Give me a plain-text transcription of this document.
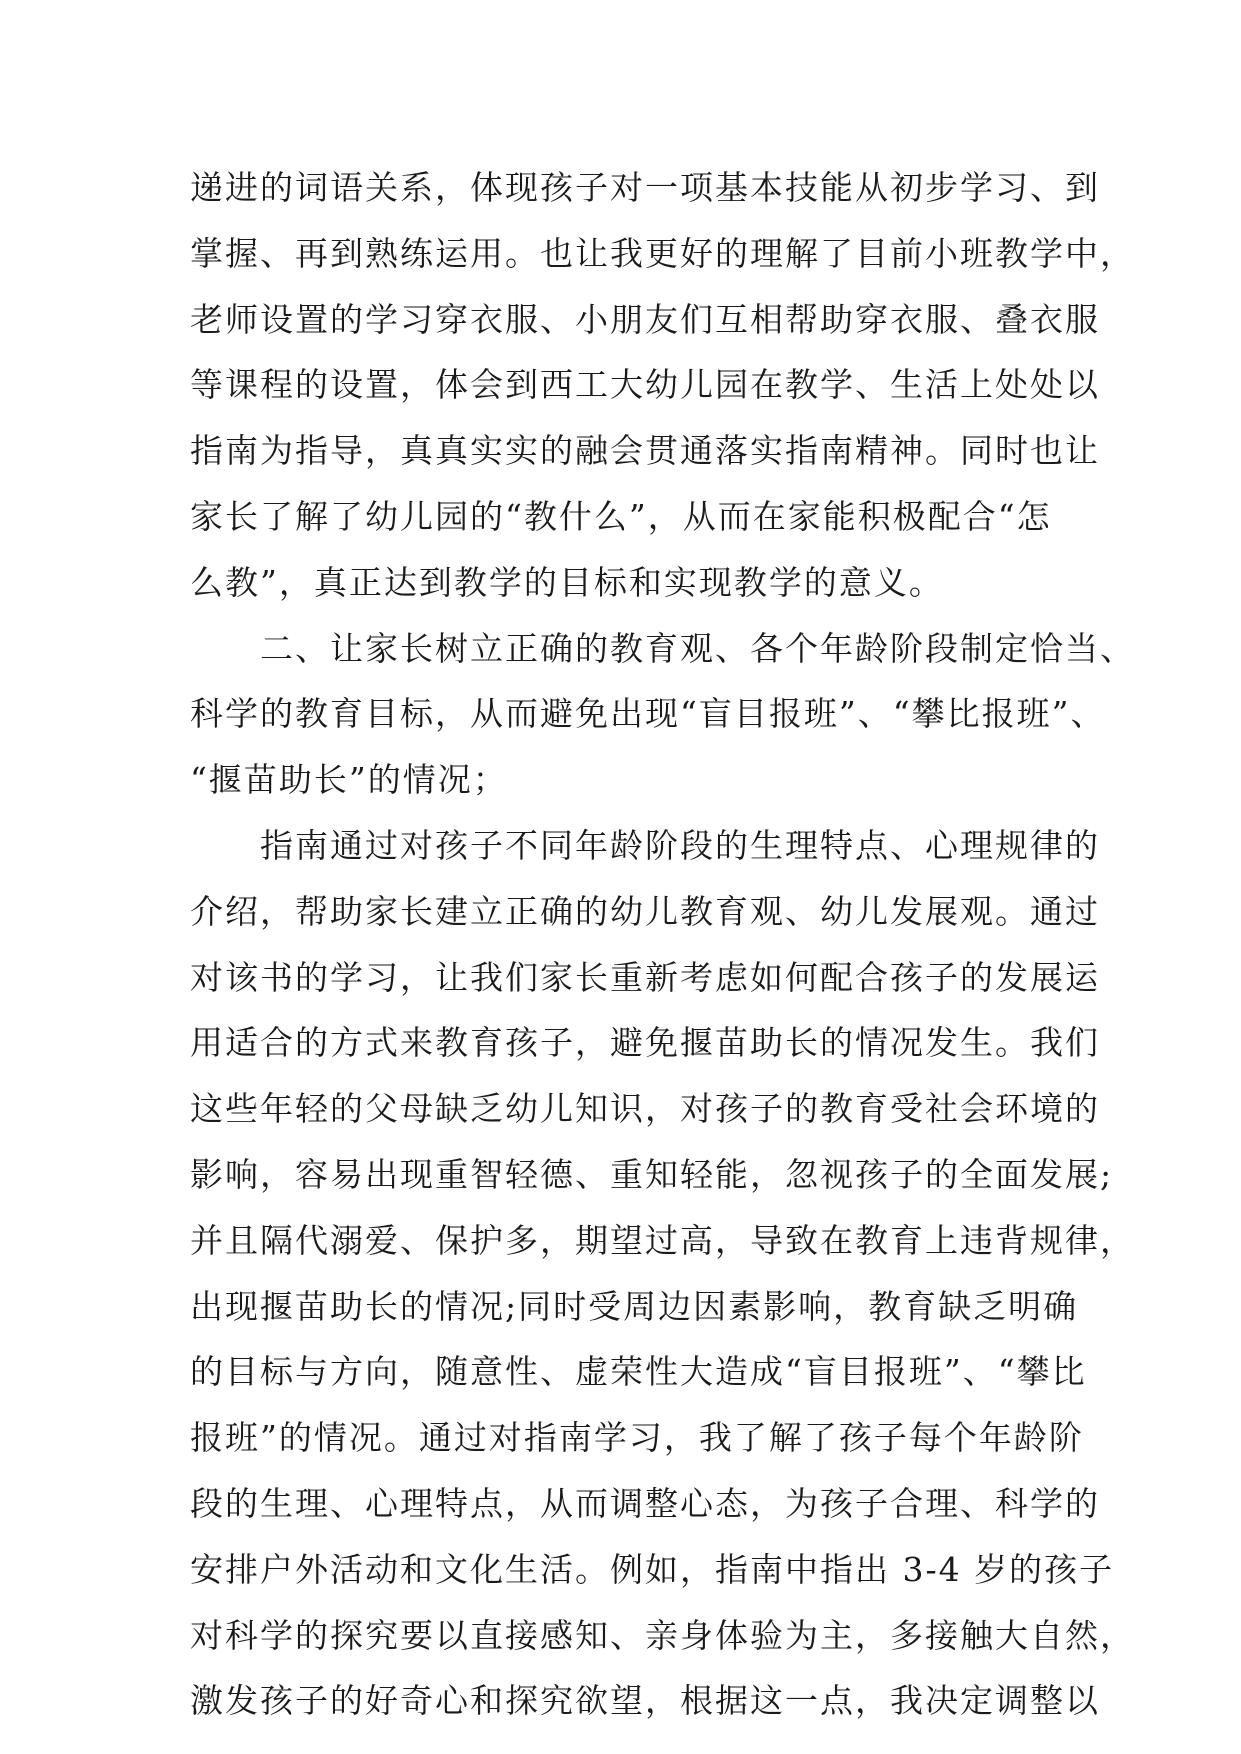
递进的词语关系，体现孩子对一项基本技能从初步学习、到
掌握、再到熟练运用。也让我更好的理解了目前小班教学中，
老师设置的学习穿衣服、小朋友们互相帮助穿衣服、叠衣服
等课程的设置，体会到西工大幼儿园在教学、生活上处处以
指南为指导，真真实实的融会贯通落实指南精神。同时也让
家长了解了幼儿园的“教什么”，从而在家能积极配合“怎
么教”，真正达到教学的目标和实现教学的意义。
　　二、让家长树立正确的教育观、各个年龄阶段制定恰当、
科学的教育目标，从而避免出现“盲目报班”、“攀比报班”、
“揠苗助长”的情况；
　　指南通过对孩子不同年龄阶段的生理特点、心理规律的
介绍，帮助家长建立正确的幼儿教育观、幼儿发展观。通过
对该书的学习，让我们家长重新考虑如何配合孩子的发展运
用适合的方式来教育孩子，避免揠苗助长的情况发生。我们
这些年轻的父母缺乏幼儿知识，对孩子的教育受社会环境的
影响，容易出现重智轻德、重知轻能，忽视孩子的全面发展;
并且隔代溺爱、保护多，期望过高，导致在教育上违背规律，
出现揠苗助长的情况;同时受周边因素影响，教育缺乏明确
的目标与方向，随意性、虚荣性大造成“盲目报班”、“攀比
报班”的情况。通过对指南学习，我了解了孩子每个年龄阶
段的生理、心理特点，从而调整心态，为孩子合理、科学的
安排户外活动和文化生活。例如，指南中指出 3-4 岁的孩子
对科学的探究要以直接感知、亲身体验为主，多接触大自然，
激发孩子的好奇心和探究欲望，根据这一点，我决定调整以
